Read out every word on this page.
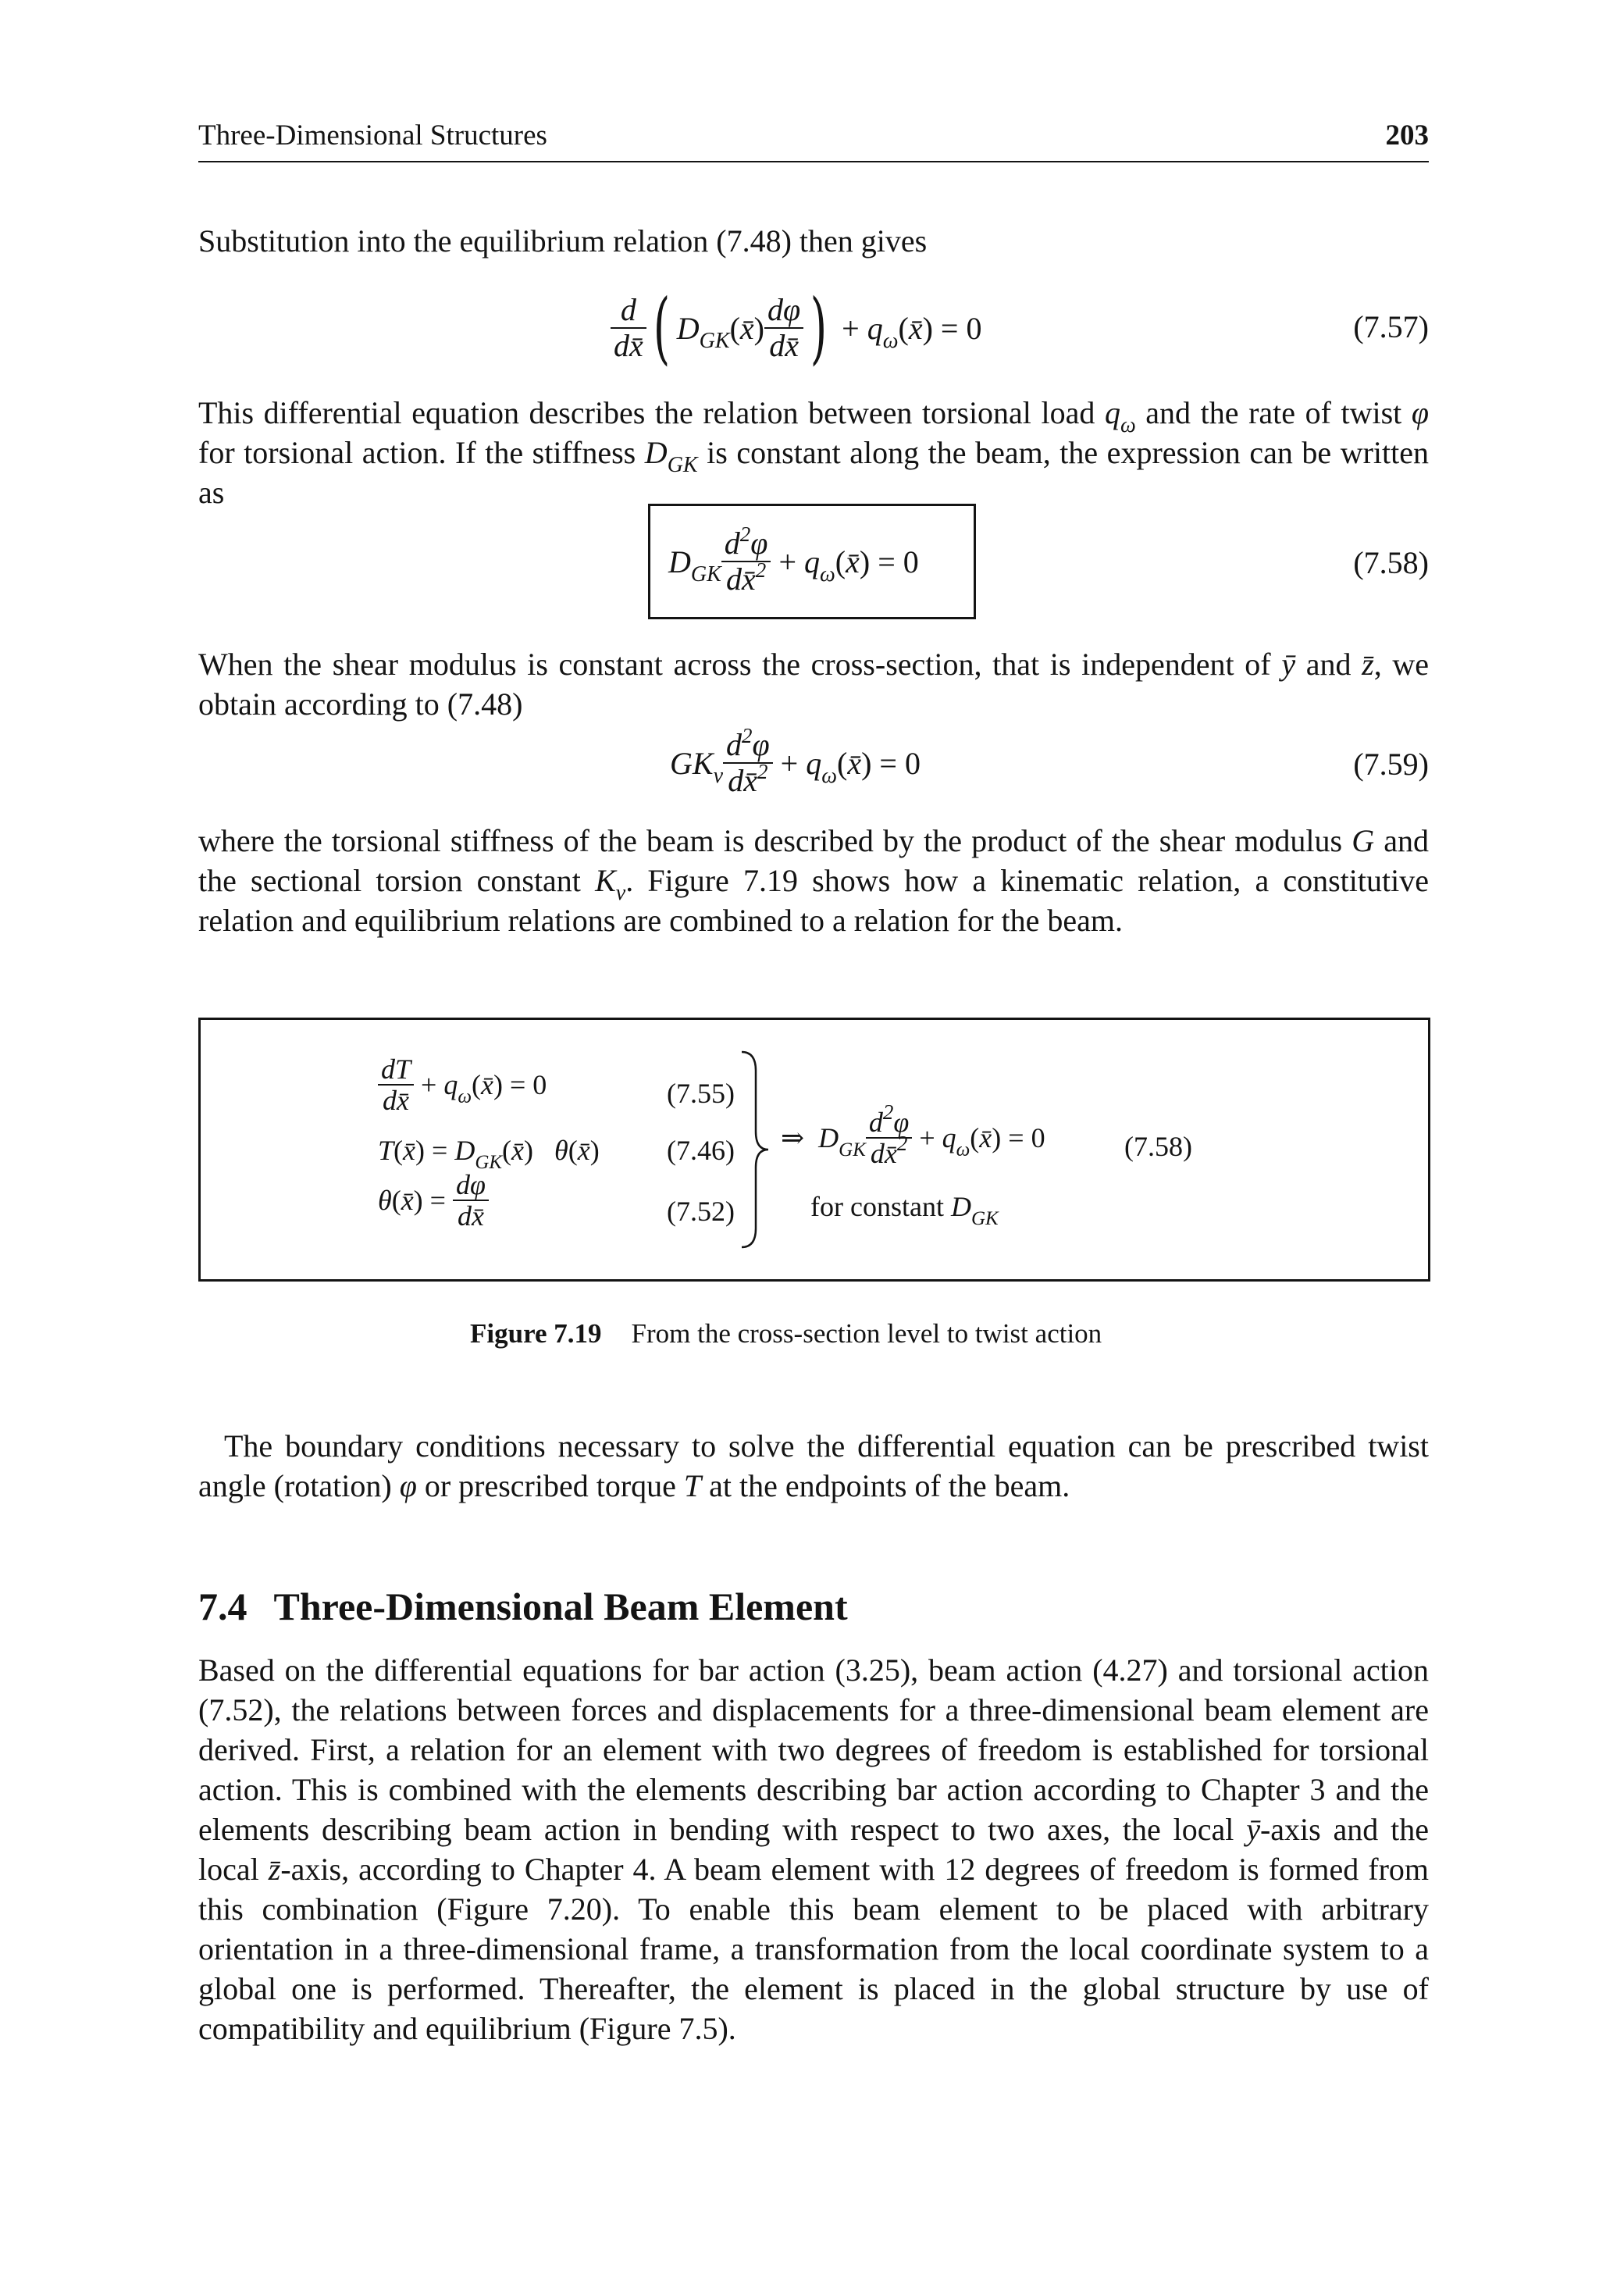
Three-Dimensional Structures	203
Substitution into the equilibrium relation (7.48) then gives
$\frac{d}{dx̄}$ ( $D_{GK}(x̄) \frac{d\varphi}{dx̄}$ ) + $q_\omega(x̄) = 0$	(7.57)
This differential equation describes the relation between torsional load $q_\omega$ and the rate of twist φ for torsional action. If the stiffness $D_{GK}$ is constant along the beam, the expression can be written as
$D_{GK} \frac{d^2\varphi}{dx̄^2}$ + $q_\omega(x̄) = 0$	(7.58)
When the shear modulus is constant across the cross-section, that is independent of ȳ and z̄, we obtain according to (7.48)
$GK_v \frac{d^2\varphi}{dx̄^2}$ + $q_\omega(x̄) = 0$	(7.59)
where the torsional stiffness of the beam is described by the product of the shear modulus G and the sectional torsion constant $K_v$. Figure 7.19 shows how a kinematic relation, a constitutive relation and equilibrium relations are combined to a relation for the beam.
$\frac{dT}{dx̄}$ + $q_\omega(x̄) = 0$	(7.55)
T(x̄) = $D_{GK}(x̄)$   θ(x̄) (7.46)
θ(x̄) = $\frac{d\varphi}{dx̄}$	(7.52)
⇒  $D_{GK} \frac{d^2\varphi}{dx̄^2}$ + $q_\omega(x̄) = 0$	(7.58)
for constant $D_{GK}$
Figure 7.19 From the cross-section level to twist action
The boundary conditions necessary to solve the differential equation can be prescribed twist angle (rotation) φ or prescribed torque T at the endpoints of the beam.
7.4 Three-Dimensional Beam Element
Based on the differential equations for bar action (3.25), beam action (4.27) and torsional action (7.52), the relations between forces and displacements for a three-dimensional beam element are derived. First, a relation for an element with two degrees of freedom is established for torsional action. This is combined with the elements describing bar action according to Chapter 3 and the elements describing beam action in bending with respect to two axes, the local ȳ-axis and the local z̄-axis, according to Chapter 4. A beam element with 12 degrees of freedom is formed from this combination (Figure 7.20). To enable this beam element to be placed with arbitrary orientation in a three-dimensional frame, a transformation from the local coordinate system to a global one is performed. Thereafter, the element is placed in the global structure by use of compatibility and equilibrium (Figure 7.5).
